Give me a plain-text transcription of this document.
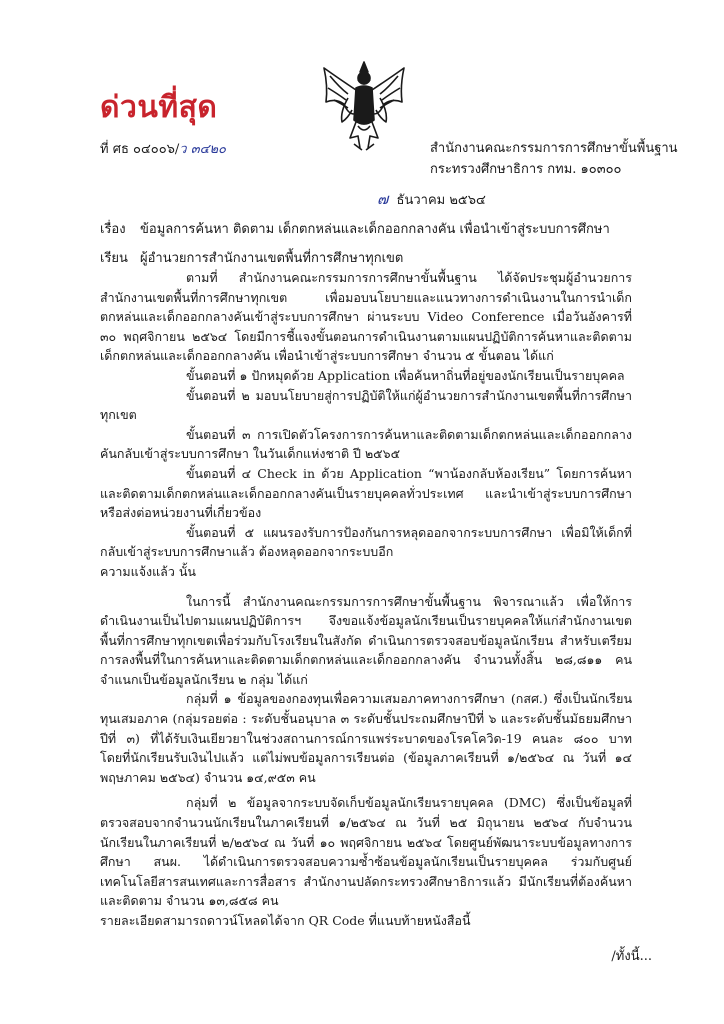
ด่วนที่สุด
ที่ ศธ ๐๔๐๐๖/ว ๓๔๒๐	สำนักงานคณะกรรมการการศึกษาขั้นพื้นฐาน
กระทรวงศึกษาธิการ กทม. ๑๐๓๐๐
๗ ธันวาคม ๒๕๖๔
เรื่อง ข้อมูลการค้นหา ติดตาม เด็กตกหล่นและเด็กออกกลางคัน เพื่อนำเข้าสู่ระบบการศึกษา
เรียน ผู้อำนวยการสำนักงานเขตพื้นที่การศึกษาทุกเขต

ตามที่ สำนักงานคณะกรรมการการศึกษาขั้นพื้นฐาน ได้จัดประชุมผู้อำนวยการสำนักงานเขตพื้นที่การศึกษาทุกเขต เพื่อมอบนโยบายและแนวทางการดำเนินงานในการนำเด็กตกหล่นและเด็กออกกลางคันเข้าสู่ระบบการศึกษา ผ่านระบบ Video Conference เมื่อวันอังคารที่ ๓๐ พฤศจิกายน ๒๕๖๔ โดยมีการชี้แจงขั้นตอนการดำเนินงานตามแผนปฏิบัติการค้นหาและติดตามเด็กตกหล่นและเด็กออกกลางคัน เพื่อนำเข้าสู่ระบบการศึกษา จำนวน ๕ ขั้นตอน ได้แก่

ขั้นตอนที่ ๑ ปักหมุดด้วย Application เพื่อค้นหาถิ่นที่อยู่ของนักเรียนเป็นรายบุคคล

ขั้นตอนที่ ๒ มอบนโยบายสู่การปฏิบัติให้แก่ผู้อำนวยการสำนักงานเขตพื้นที่การศึกษาทุกเขต

ขั้นตอนที่ ๓ การเปิดตัวโครงการการค้นหาและติดตามเด็กตกหล่นและเด็กออกกลางคันกลับเข้าสู่ระบบการศึกษา ในวันเด็กแห่งชาติ ปี ๒๕๖๕

ขั้นตอนที่ ๔ Check in ด้วย Application “พาน้องกลับห้องเรียน” โดยการค้นหาและติดตามเด็กตกหล่นและเด็กออกกลางคันเป็นรายบุคคลทั่วประเทศ และนำเข้าสู่ระบบการศึกษาหรือส่งต่อหน่วยงานที่เกี่ยวข้อง

ขั้นตอนที่ ๕ แผนรองรับการป้องกันการหลุดออกจากระบบการศึกษา เพื่อมิให้เด็กที่กลับเข้าสู่ระบบการศึกษาแล้ว ต้องหลุดออกจากระบบอีก

ความแจ้งแล้ว นั้น

ในการนี้ สำนักงานคณะกรรมการการศึกษาขั้นพื้นฐาน พิจารณาแล้ว เพื่อให้การดำเนินงานเป็นไปตามแผนปฏิบัติการฯ จึงขอแจ้งข้อมูลนักเรียนเป็นรายบุคคลให้แก่สำนักงานเขตพื้นที่การศึกษาทุกเขตเพื่อร่วมกับโรงเรียนในสังกัด ดำเนินการตรวจสอบข้อมูลนักเรียน สำหรับเตรียมการลงพื้นที่ในการค้นหาและติดตามเด็กตกหล่นและเด็กออกกลางคัน จำนวนทั้งสิ้น ๒๘,๘๑๑ คน จำแนกเป็นข้อมูลนักเรียน ๒ กลุ่ม ได้แก่

กลุ่มที่ ๑ ข้อมูลของกองทุนเพื่อความเสมอภาคทางการศึกษา (กสศ.) ซึ่งเป็นนักเรียนทุนเสมอภาค (กลุ่มรอยต่อ : ระดับชั้นอนุบาล ๓ ระดับชั้นประถมศึกษาปีที่ ๖ และระดับชั้นมัธยมศึกษาปีที่ ๓) ที่ได้รับเงินเยียวยาในช่วงสถานการณ์การแพร่ระบาดของโรคโควิด-19 คนละ ๘๐๐ บาท โดยที่นักเรียนรับเงินไปแล้ว แต่ไม่พบข้อมูลการเรียนต่อ (ข้อมูลภาคเรียนที่ ๑/๒๕๖๔ ณ วันที่ ๑๔ พฤษภาคม ๒๕๖๔) จำนวน ๑๔,๙๕๓ คน

กลุ่มที่ ๒ ข้อมูลจากระบบจัดเก็บข้อมูลนักเรียนรายบุคคล (DMC) ซึ่งเป็นข้อมูลที่ตรวจสอบจากจำนวนนักเรียนในภาคเรียนที่ ๑/๒๕๖๔ ณ วันที่ ๒๕ มิถุนายน ๒๕๖๔ กับจำนวนนักเรียนในภาคเรียนที่ ๒/๒๕๖๔ ณ วันที่ ๑๐ พฤศจิกายน ๒๕๖๔ โดยศูนย์พัฒนาระบบข้อมูลทางการศึกษา สนผ. ได้ดำเนินการตรวจสอบความซ้ำซ้อนข้อมูลนักเรียนเป็นรายบุคคล ร่วมกับศูนย์เทคโนโลยีสารสนเทศและการสื่อสาร สำนักงานปลัดกระทรวงศึกษาธิการแล้ว มีนักเรียนที่ต้องค้นหาและติดตาม จำนวน ๑๓,๘๕๘ คน

รายละเอียดสามารถดาวน์โหลดได้จาก QR Code ที่แนบท้ายหนังสือนี้

/ทั้งนี้...
